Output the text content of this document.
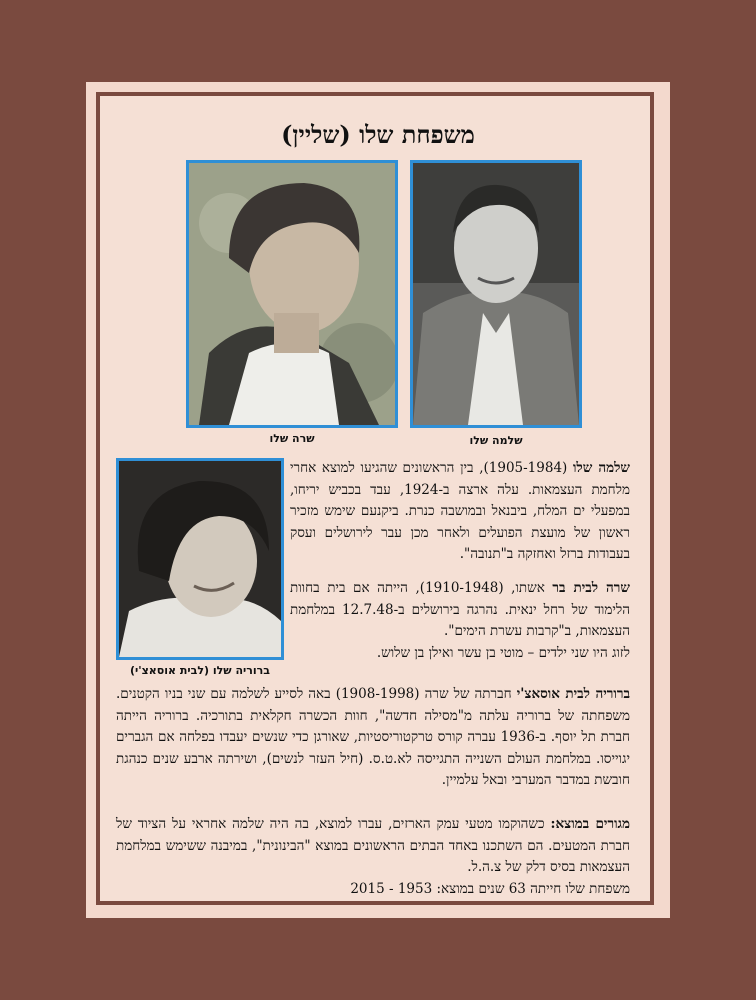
משפחת שלו (שליין)
שרה שלו	שלמה שלו
ברוריה שלו (לבית אוסאצ'י)
שלמה שלו (1905-1984), בין הראשונים שהגיעו למוצא אחרי מלחמת העצמאות. עלה ארצה ב-1924, עבד בכביש יריחו, במפעלי ים המלח, ביבנאל ובמושבה כנרת. ביקנעם שימש מזכיר ראשון של מועצת הפועלים ולאחר מכן עבר לירושלים ועסק בעבודות ברזל ואחזקה ב"תנובה".
שרה לבית בר אשתו, (1910-1948), הייתה אם בית בחוות הלימוד של רחל ינאית. נהרגה בירושלים ב-12.7.48 במלחמת העצמאות, ב"קרבות עשרת הימים".
לזוג היו שני ילדים – מוטי בן עשר ואילן בן שלוש.
ברוריה לבית אוסאצ'י חברתה של שרה (1908-1998) באה לסייע לשלמה עם שני בניו הקטנים. משפחתה של ברוריה עלתה מ"מסילה חדשה", חוות הכשרה חקלאית בתורכיה. ברוריה הייתה חברת תל יוסף. ב-1936 עברה קורס טרקטוריסטיות, שאורגן כדי שנשים יעבדו בפלחה אם הגברים יגוייסו. במלחמת העולם השנייה התגייסה לא.ט.ס. (חיל העזר לנשים), ושירתה ארבע שנים כנהגת חובשת במדבר המערבי ובאל עלמיין.
מגורים במוצא: כשהוקמו מטעי עמק הארזים, עברו למוצא, בה היה שלמה אחראי על הציוד של חברת המטעים. הם השתכנו באחד הבתים הראשונים במוצא "הבינונית", במיבנה ששימש במלחמת העצמאות בסיס דלק של צ.ה.ל.
משפחת שלו חייתה 63 שנים במוצא: 1953 - 2015
